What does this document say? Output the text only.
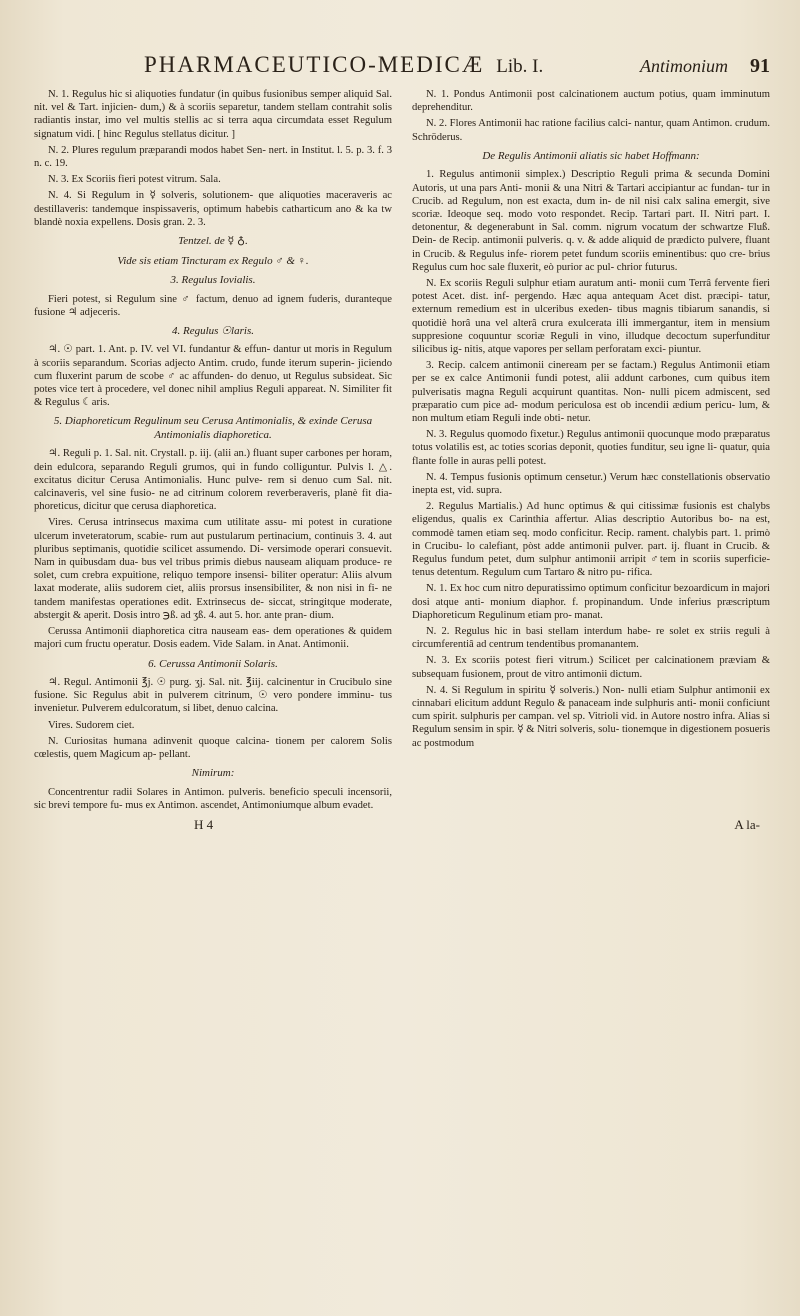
PHARMACEUTICO-MEDICÆ Lib. I.	Antimonium 91

N. 1. Regulus hic si aliquoties fundatur (in quibus fusionibus semper aliquid Sal. nit. vel & Tart. injicien- dum,) & à scoriis separetur, tandem stellam contrahit solis radiantis instar, imo vel multis stellis ac si terra aqua circumdata esset Regulum signatum vidi. [ hinc Regulus stellatus dicitur. ]

N. 2. Plures regulum præparandi modos habet Sen- nert. in Institut. l. 5. p. 3. f. 3 n. c. 19.

N. 3. Ex Scoriis fieri potest vitrum. Sala.

N. 4. Si Regulum in ☿ solveris, solutionem- que aliquoties maceraveris ac destillaveris: tandemque inspissaveris, optimum habebis catharticum ano & ka tw blandè noxia expellens. Dosis gran. 2. 3.

Tentzel. de ☿ ♁.

Vide sis etiam Tincturam ex Regulo ♂ & ♀.

3. Regulus Iovialis.

Fieri potest, si Regulum sine ♂ factum, denuo ad ignem fuderis, duranteque fusione ♃ adjeceris.

4. Regulus ☉laris.

♃. ☉ part. 1. Ant. p. IV. vel VI. fundantur & effun- dantur ut moris in Regulum à scoriis separandum. Scorias adjecto Antim. crudo, funde iterum superin- jiciendo cum fluxerint parum de scobe ♂ ac affunden- do denuo, ut Regulus subsideat. Sic potes vice tert à procedere, vel donec nihil amplius Reguli appareat. N. Similiter fit & Regulus ☾aris.

5. Diaphoreticum Regulinum seu Cerusa Antimonialis, & exinde Cerusa Antimonialis diaphoretica.

♃. Reguli p. 1. Sal. nit. Crystall. p. iij. (alii an.) fluant super carbones per horam, dein edulcora, separando Reguli grumos, qui in fundo colliguntur. Pulvis l. △. excitatus dicitur Cerusa Antimonialis. Hunc pulve- rem si denuo cum Sal. nit. calcinaveris, vel sine fusio- ne ad citrinum colorem reverberaveris, planè fit dia- phoreticus, dicitur que cerusa diaphoretica.

Vires. Cerusa intrinsecus maxima cum utilitate assu- mi potest in curatione ulcerum inveteratorum, scabie- rum aut pustularum pertinacium, continuis 3. 4. aut pluribus septimanis, quotidie scilicet assumendo. Di- versimode operari consuevit. Nam in quibusdam dua- bus vel tribus primis diebus nauseam aliquam produce- re solet, cum crebra expuitione, reliquo tempore insensi- biliter operatur: Aliis alvum laxat moderate, aliis sudorem ciet, aliis prorsus insensibiliter, & non nisi in fi- ne tandem manifestas operationes edit. Extrinsecus de- siccat, stringitque moderate, abstergit & aperit. Dosis intro ℈ß. ad ʒß. 4. aut 5. hor. ante pran- dium.

Cerussa Antimonii diaphoretica citra nauseam eas- dem operationes & quidem majori cum fructu operatur. Dosis eadem. Vide Salam. in Anat. Antimonii.

6. Cerussa Antimonii Solaris.

♃. Regul. Antimonii ℥j. ☉ purg. ʒj. Sal. nit. ℥iij. calcinentur in Crucibulo sine fusione. Sic Regulus abit in pulverem citrinum, ☉ vero pondere imminu- tus invenietur. Pulverem edulcoratum, si libet, denuo calcina.

Vires. Sudorem ciet.

N. Curiositas humana adinvenit quoque calcina- tionem per calorem Solis cœlestis, quem Magicum ap- pellant.

Nimirum:

Concentrentur radii Solares in Antimon. pulveris. beneficio speculi incensorii, sic brevi tempore fu- mus ex Antimon. ascendet, Antimoniumque album evadet.

N. 1. Pondus Antimonii post calcinationem auctum potius, quam imminutum deprehenditur.

N. 2. Flores Antimonii hac ratione facilius calci- nantur, quam Antimon. crudum. Schröderus.

De Regulis Antimonii aliatis sic habet Hoffmann:

1. Regulus antimonii simplex.) Descriptio Reguli prima & secunda Domini Autoris, ut una pars Anti- monii & una Nitri & Tartari accipiantur ac fundan- tur in Crucib. ad Regulum, non est exacta, dum in- de nil nisi calx salina emergit, sive scoriæ. Ideoque seq. modo voto respondet. Recip. Tartari part. II. Nitri part. I. detonentur, & degenerabunt in Sal. comm. nigrum vocatum der schwartze Fluß. Dein- de Recip. antimonii pulveris. q. v. & adde aliquid de prædicto pulvere, fluant in Crucib. & Regulus infe- riorem petet fundum scoriis eminentibus: quo cre- brius Regulus cum hoc sale fluxerit, eò purior ac pul- chrior futurus.

N. Ex scoriis Reguli sulphur etiam auratum anti- monii cum Terrâ fervente fieri potest Acet. dist. inf- pergendo. Hæc aqua antequam Acet dist. præcipi- tatur, externum remedium est in ulceribus exeden- tibus magnis tibiarum sanandis, si quotidiè horâ una vel alterâ crura exulcerata illi immergantur, item in mensium suppresione coquuntur scoriæ Reguli in vino, illudque decoctum superfunditur silicibus ig- nitis, atque vapores per sellam perforatam exci- piuntur.

3. Recip. calcem antimonii cineream per se factam.) Regulus Antimonii etiam per se ex calce Antimonii fundi potest, alii addunt carbones, cum quibus item pulverisatis magna Reguli acquirunt quantitas. Non- nulli picem admiscent, sed præparatio cum pice ad- modum periculosa est ob incendii ædium pericu- lum, & non multum etiam Reguli inde obti- netur.

N. 3. Regulus quomodo fixetur.) Regulus antimonii quocunque modo præparatus totus volatilis est, ac toties scorias deponit, quoties funditur, seu igne li- quatur, quia flante folle in auras pelli potest.

N. 4. Tempus fusionis optimum censetur.) Verum hæc constellationis observatio inepta est, vid. supra.

2. Regulus Martialis.) Ad hunc optimus & qui citissimæ fusionis est chalybs eligendus, qualis ex Carinthia affertur. Alias descriptio Autoribus bo- na est, commodè tamen etiam seq. modo conficitur. Recip. rament. chalybis part. 1. primò in Crucibu- lo calefiant, pòst adde antimonii pulver. part. ij. fluant in Crucib. & Regulus fundum petet, dum sulphur antimonii arripit ♂tem in scoriis superficie- tenus detentum. Regulum cum Tartaro & nitro pu- rifica.

N. 1. Ex hoc cum nitro depuratissimo optimum conficitur bezoardicum in majori dosi atque anti- monium diaphor. f. propinandum. Unde inferius præscriptum Diaphoreticum Regulinum etiam pro- manat.

N. 2. Regulus hic in basi stellam interdum habe- re solet ex striis reguli à circumferentiâ ad centrum tendentibus promanantem.

N. 3. Ex scoriis potest fieri vitrum.) Scilicet per calcinationem præviam & subsequam fusionem, prout de vitro antimonii dictum.

N. 4. Si Regulum in spiritu ☿ solveris.) Non- nulli etiam Sulphur antimonii ex cinnabari elicitum addunt Regulo & panaceam inde sulphuris anti- monii conficiunt cum spirit. sulphuris per campan. vel sp. Vitrioli vid. in Autore nostro infra. Alias si Regulum sensim in spir. ☿ & Nitri solveris, solu- tionemque in digestionem posueris ac postmodum

H 4	A la-
